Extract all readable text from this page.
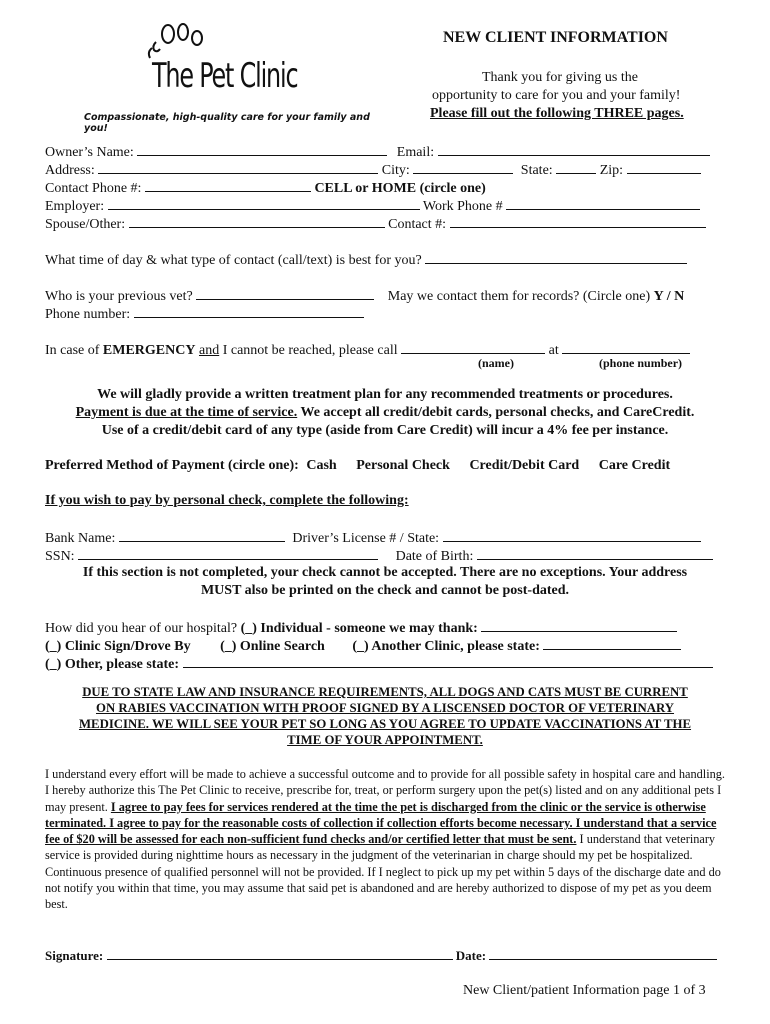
The Pet Clinic
Compassionate, high-quality care for your family and you!
NEW CLIENT INFORMATION
Thank you for giving us the
opportunity to care for you and your family!
Please fill out the following THREE pages.
Owner’s Name:	Email:
Address:	City:	State:	Zip:
Contact Phone #:	CELL or HOME (circle one)
Employer:	Work Phone #
Spouse/Other:	Contact #:
What time of day & what type of contact (call/text) is best for you?
Who is your previous vet?	May we contact them for records? (Circle one) Y / N
Phone number:
In case of EMERGENCY and I cannot be reached, please call	at
(name)	(phone number)
We will gladly provide a written treatment plan for any recommended treatments or procedures.
Payment is due at the time of service. We accept all credit/debit cards, personal checks, and CareCredit.
Use of a credit/debit card of any type (aside from Care Credit) will incur a 4% fee per instance.
Preferred Method of Payment (circle one): Cash Personal Check Credit/Debit Card Care Credit
If you wish to pay by personal check, complete the following:
Bank Name:	Driver’s License # / State:
SSN:	Date of Birth:
If this section is not completed, your check cannot be accepted. There are no exceptions. Your address
MUST also be printed on the check and cannot be post-dated.
How did you hear of our hospital? (_) Individual - someone we may thank:
(_) Clinic Sign/Drove By (_) Online Search (_) Another Clinic, please state:
(_) Other, please state:
DUE TO STATE LAW AND INSURANCE REQUIREMENTS, ALL DOGS AND CATS MUST BE CURRENT
ON RABIES VACCINATION WITH PROOF SIGNED BY A LISCENSED DOCTOR OF VETERINARY
MEDICINE. WE WILL SEE YOUR PET SO LONG AS YOU AGREE TO UPDATE VACCINATIONS AT THE
TIME OF YOUR APPOINTMENT.
I understand every effort will be made to achieve a successful outcome and to provide for all possible safety in hospital care and handling. I hereby authorize this The Pet Clinic to receive, prescribe for, treat, or perform surgery upon the pet(s) listed and on any additional pets I may present. I agree to pay fees for services rendered at the time the pet is discharged from the clinic or the service is otherwise terminated. I agree to pay for the reasonable costs of collection if collection efforts become necessary. I understand that a service fee of $20 will be assessed for each non-sufficient fund checks and/or certified letter that must be sent. I understand that veterinary service is provided during nighttime hours as necessary in the judgment of the veterinarian in charge should my pet be hospitalized. Continuous presence of qualified personnel will not be provided. If I neglect to pick up my pet within 5 days of the discharge date and do not notify you within that time, you may assume that said pet is abandoned and are hereby authorized to dispose of my pet as you deem best.
Signature:	Date:
New Client/patient Information page 1 of 3
